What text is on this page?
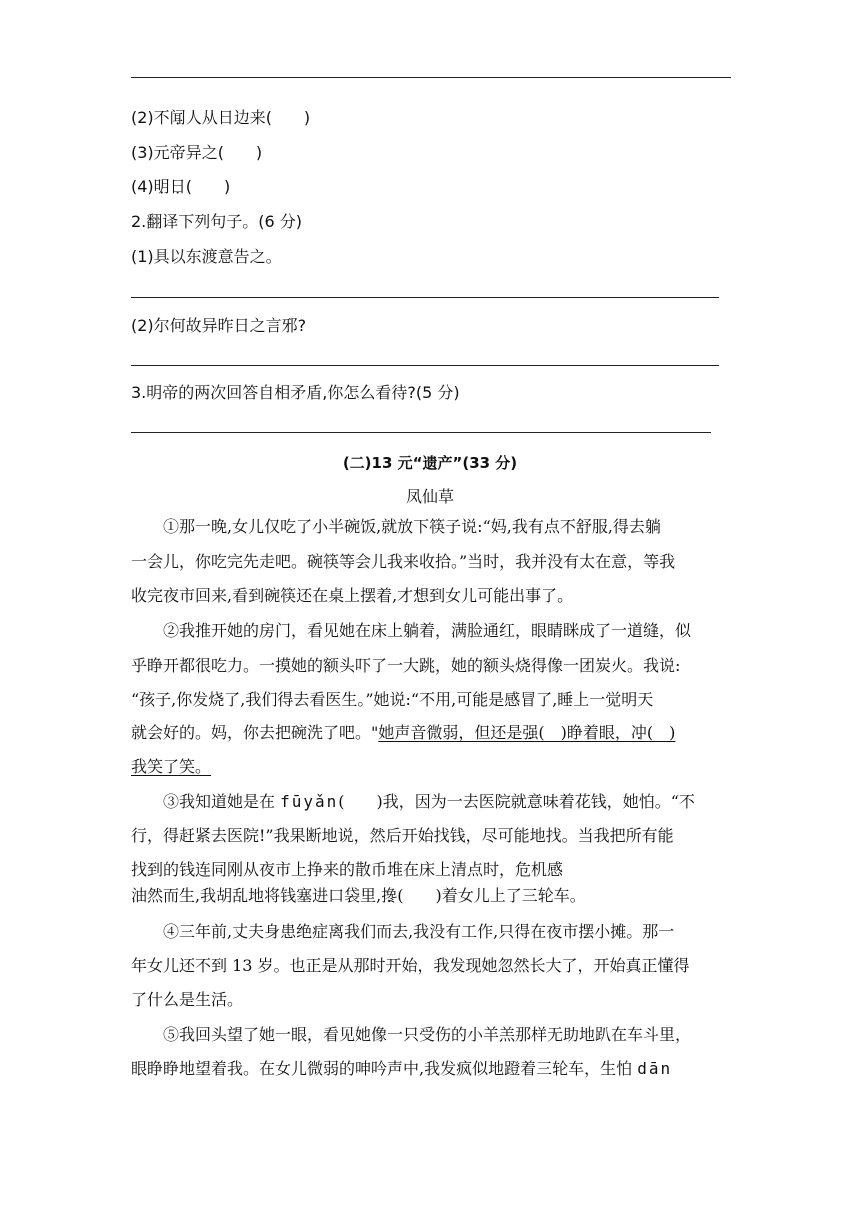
(2)不闻人从日边来(　　)
(3)元帝异之(　　)
(4)明日(　　)
2.翻译下列句子。(6 分)
(1)具以东渡意告之。
(2)尔何故异昨日之言邪?
3.明帝的两次回答自相矛盾,你怎么看待?(5 分)
(二)13 元“遗产”(33 分)
凤仙草
①那一晚,女儿仅吃了小半碗饭,就放下筷子说:“妈,我有点不舒服,得去躺
一会儿，你吃完先走吧。碗筷等会儿我来收拾。”当时，我并没有太在意，等我
收完夜市回来,看到碗筷还在桌上摆着,才想到女儿可能出事了。
②我推开她的房门，看见她在床上躺着，满脸通红，眼睛眯成了一道缝，似
乎睁开都很吃力。一摸她的额头吓了一大跳，她的额头烧得像一团炭火。我说:
“孩子,你发烧了,我们得去看医生。”她说:“不用,可能是感冒了,睡上一觉明天
就会好的。妈，你去把碗洗了吧。"她声音微弱，但还是强(　)睁着眼，冲(　)
我笑了笑。
③我知道她是在 fūyǎn(　　)我，因为一去医院就意味着花钱，她怕。“不
行，得赶紧去医院!”我果断地说，然后开始找钱，尽可能地找。当我把所有能
找到的钱连同刚从夜市上挣来的散币堆在床上清点时，危机感
油然而生,我胡乱地将钱塞进口袋里,搀(　　)着女儿上了三轮车。
④三年前,丈夫身患绝症离我们而去,我没有工作,只得在夜市摆小摊。那一
年女儿还不到 13 岁。也正是从那时开始，我发现她忽然长大了，开始真正懂得
了什么是生活。
⑤我回头望了她一眼，看见她像一只受伤的小羊羔那样无助地趴在车斗里，
眼睁睁地望着我。在女儿微弱的呻吟声中,我发疯似地蹬着三轮车，生怕 dān
